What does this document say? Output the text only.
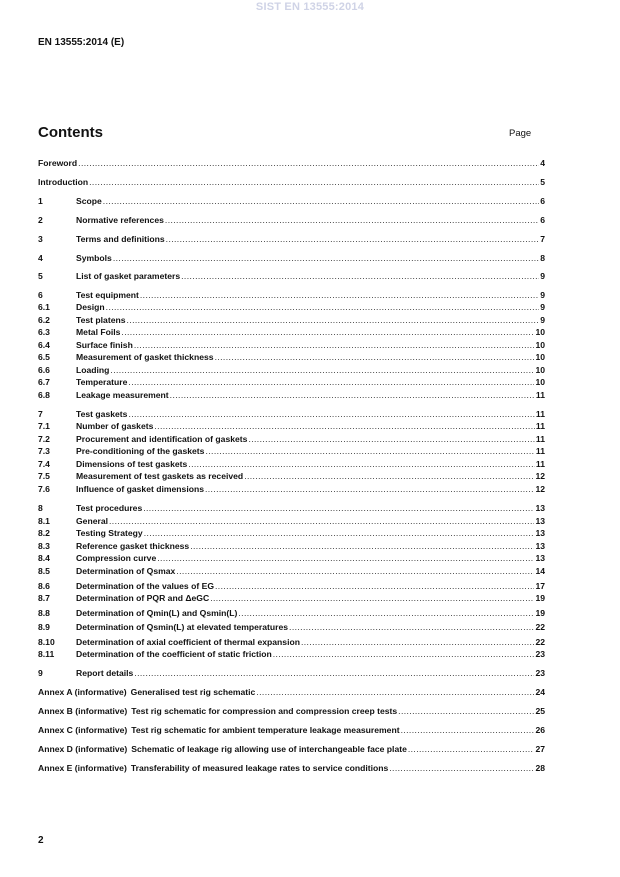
SIST EN 13555:2014
EN 13555:2014 (E)
Contents	Page
Foreword .....	4
Introduction .....	5
1	Scope .....	6
2	Normative references .....	6
3	Terms and definitions .....	7
4	Symbols .....	8
5	List of gasket parameters .....	9
6	Test equipment .....	9
6.1	Design .....	9
6.2	Test platens .....	9
6.3	Metal Foils .....	10
6.4	Surface finish .....	10
6.5	Measurement of gasket thickness .....	10
6.6	Loading .....	10
6.7	Temperature .....	10
6.8	Leakage measurement .....	11
7	Test gaskets .....	11
7.1	Number of gaskets .....	11
7.2	Procurement and identification of gaskets .....	11
7.3	Pre-conditioning of the gaskets .....	11
7.4	Dimensions of test gaskets .....	11
7.5	Measurement of test gaskets as received .....	12
7.6	Influence of gasket dimensions .....	12
8	Test procedures .....	13
8.1	General .....	13
8.2	Testing Strategy .....	13
8.3	Reference gasket thickness .....	13
8.4	Compression curve .....	13
8.5	Determination of Qsmax .....	14
8.6	Determination of the values of EG .....	17
8.7	Determination of PQR and ΔeGC .....	19
8.8	Determination of Qmin(L) and Qsmin(L) .....	19
8.9	Determination of Qsmin(L) at elevated temperatures .....	22
8.10	Determination of axial coefficient of thermal expansion .....	22
8.11	Determination of the coefficient of static friction .....	23
9	Report details .....	23
Annex A (informative) Generalised test rig schematic .....	24
Annex B (informative) Test rig schematic for compression and compression creep tests .....	25
Annex C (informative) Test rig schematic for ambient temperature leakage measurement .....	26
Annex D (informative) Schematic of leakage rig allowing use of interchangeable face plate .....	27
Annex E (informative) Transferability of measured leakage rates to service conditions .....	28
2
